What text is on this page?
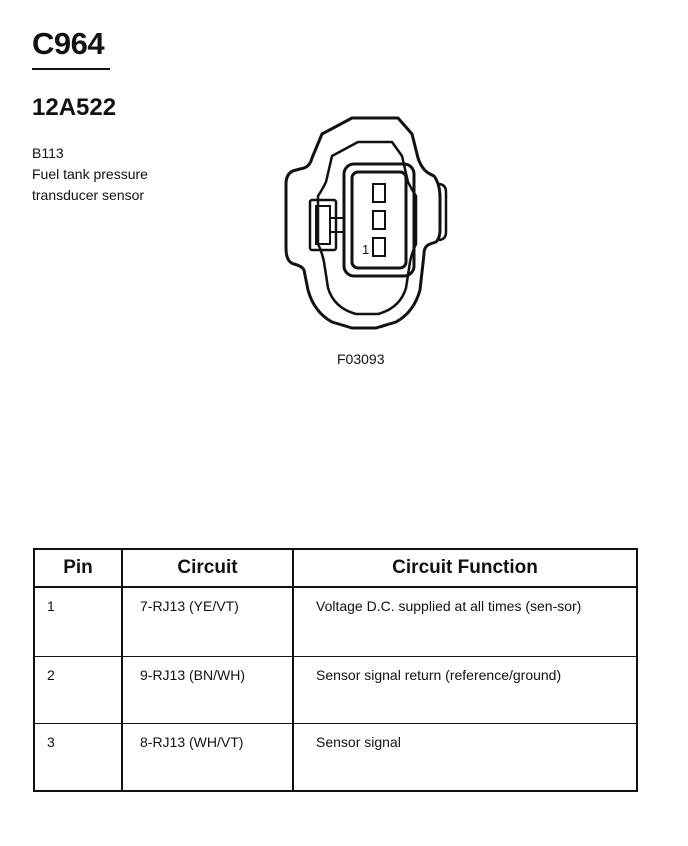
C964
12A522
B113
Fuel tank pressure transducer sensor
1
F03093
Pin	Circuit	Circuit Function
1	7-RJ13 (YE/VT)	Voltage D.C. supplied at all times (sen-sor)
2	9-RJ13 (BN/WH)	Sensor signal return (reference/ground)
3	8-RJ13 (WH/VT)	Sensor signal
